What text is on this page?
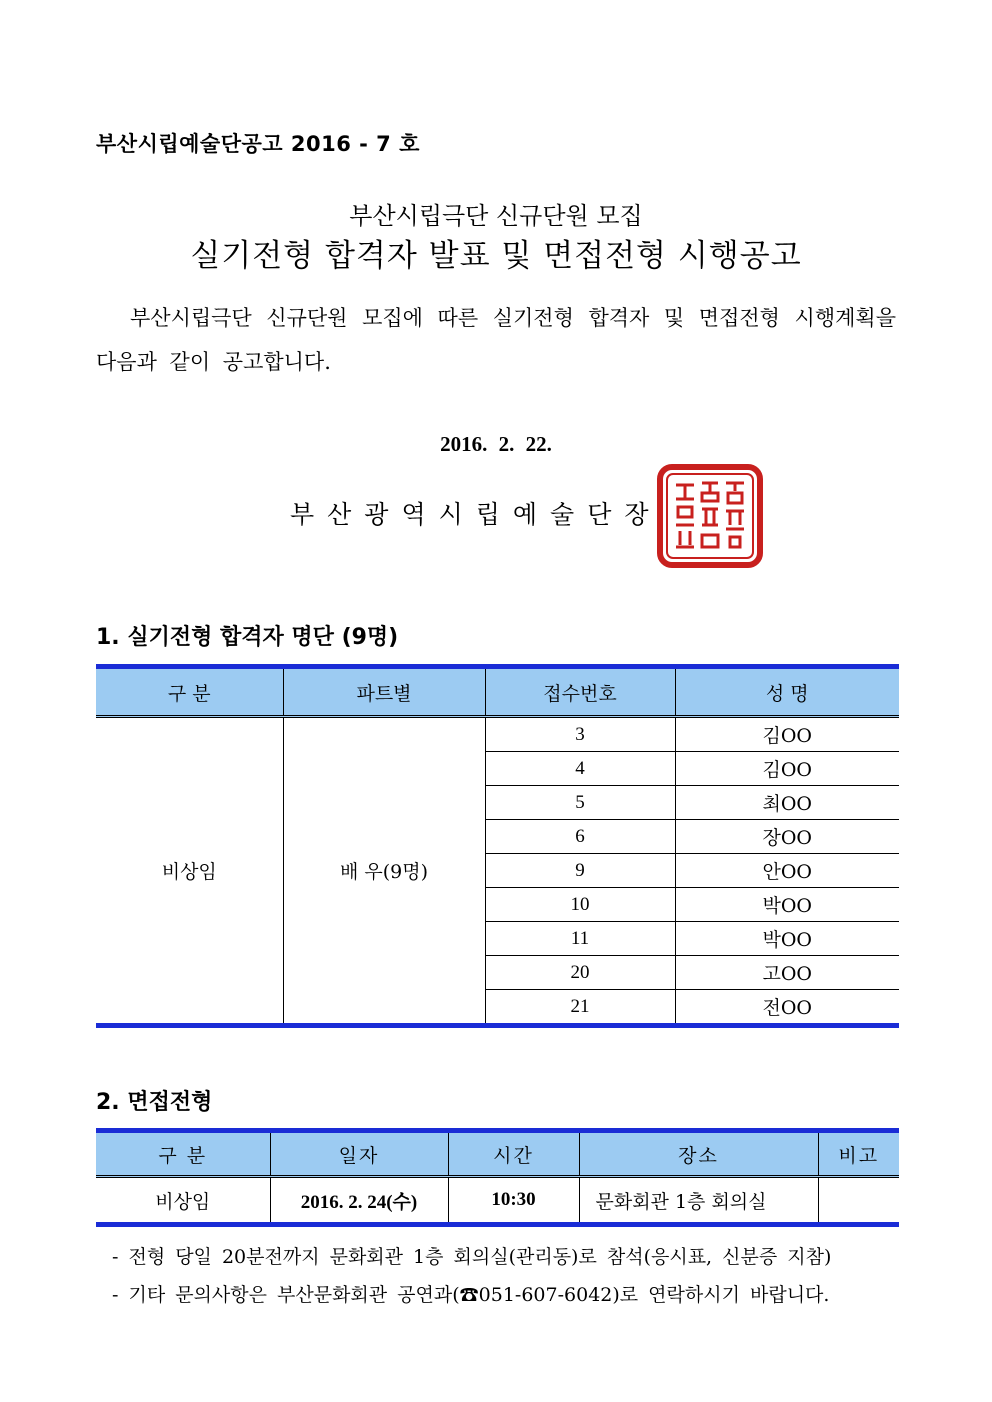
부산시립예술단공고 2016 - 7 호
부산시립극단 신규단원 모집
실기전형 합격자 발표 및 면접전형 시행공고
부산시립극단 신규단원 모집에 따른 실기전형 합격자 및 면접전형 시행계획을 다음과 같이 공고합니다.
2016. 2. 22.
부산광역시립예술단장
1. 실기전형 합격자 명단 (9명)
구 분	파트별	접수번호	성 명
비상임	배 우(9명)	3	김OO
		4	김OO
		5	최OO
		6	장OO
		9	안OO
		10	박OO
		11	박OO
		20	고OO
		21	전OO
2. 면접전형
구 분	일자	시간	장소	비고
비상임	2016. 2. 24(수)	10:30	문화회관 1층 회의실	
- 전형 당일 20분전까지 문화회관 1층 회의실(관리동)로 참석(응시표, 신분증 지참)
- 기타 문의사항은 부산문화회관 공연과(☎051-607-6042)로 연락하시기 바랍니다.
